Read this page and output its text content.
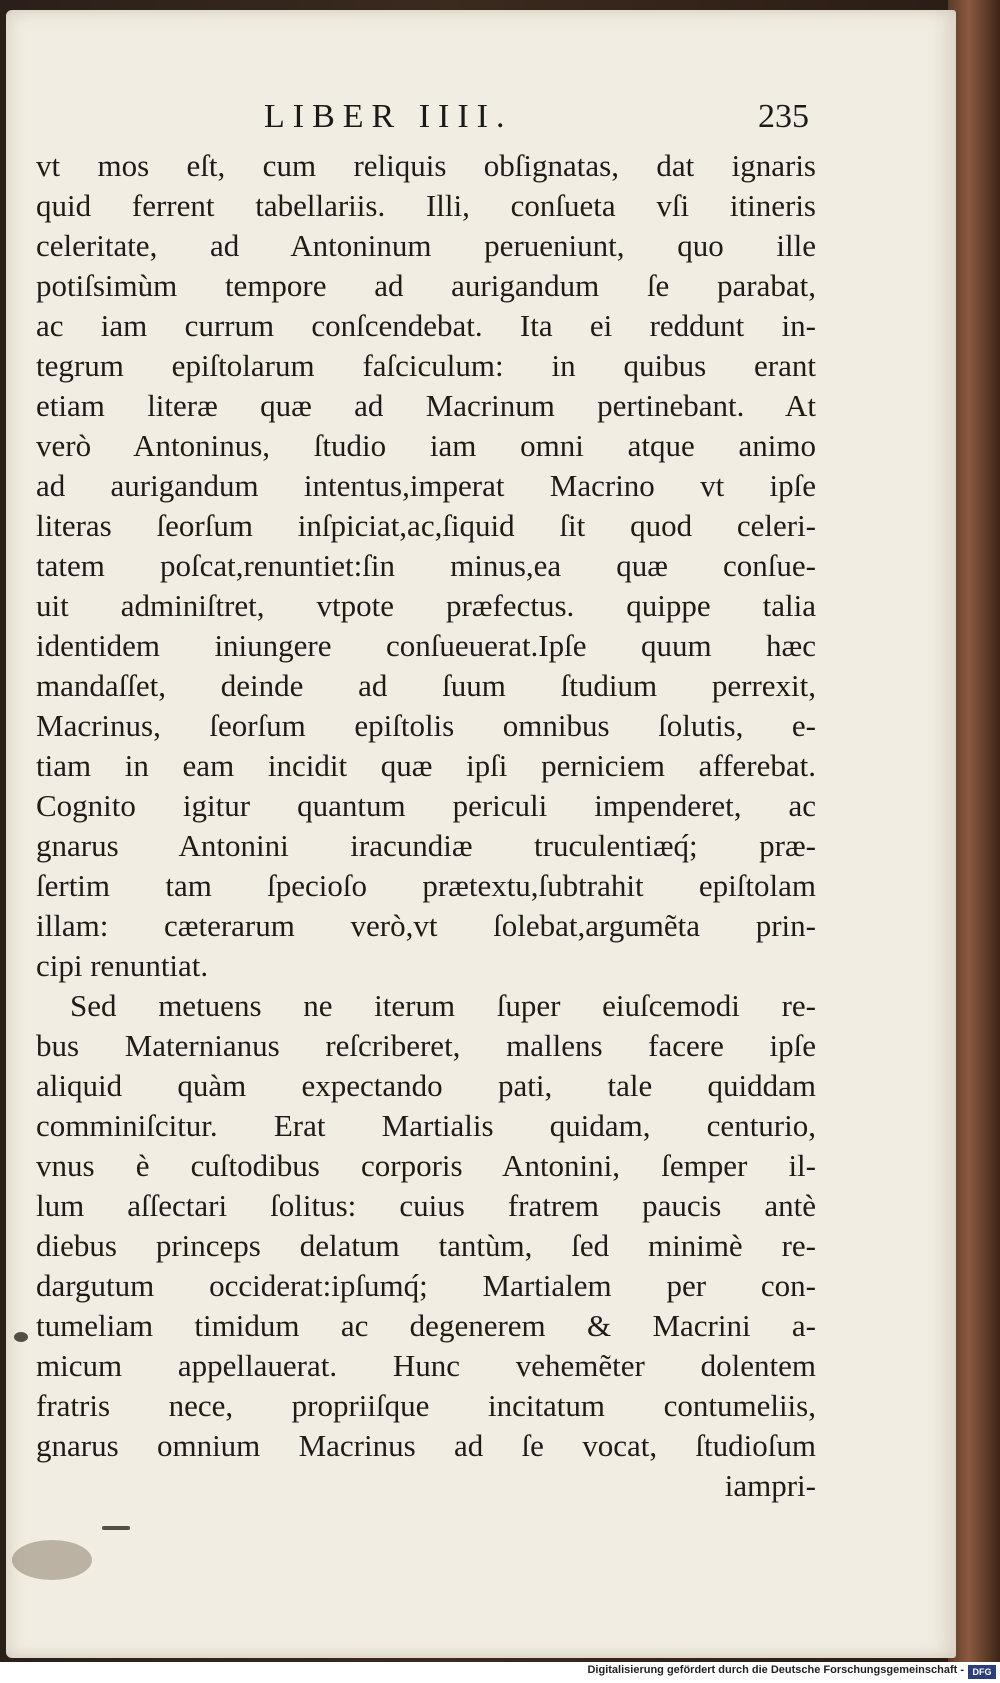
LIBER IIII.	235
vt mos eſt, cum reliquis obſignatas, dat ignaris
quid ferrent tabellariis. Illi, conſueta vſi itineris
celeritate, ad Antoninum perueniunt, quo ille
potiſsimùm tempore ad aurigandum ſe parabat,
ac iam currum conſcendebat. Ita ei reddunt in-
tegrum epiſtolarum faſciculum: in quibus erant
etiam literæ quæ ad Macrinum pertinebant. At
verò Antoninus, ſtudio iam omni atque animo
ad aurigandum intentus,imperat Macrino vt ipſe
literas ſeorſum inſpiciat,ac,ſiquid ſit quod celeri-
tatem poſcat,renuntiet:ſin minus,ea quæ conſue-
uit adminiſtret, vtpote præfectus. quippe talia
identidem iniungere conſueuerat.Ipſe quum hæc
mandaſſet, deinde ad ſuum ſtudium perrexit,
Macrinus, ſeorſum epiſtolis omnibus ſolutis, e-
tiam in eam incidit quæ ipſi perniciem afferebat.
Cognito igitur quantum periculi impenderet, ac
gnarus Antonini iracundiæ truculentiæq́; præ-
ſertim tam ſpecioſo prætextu,ſubtrahit epiſtolam
illam: cæterarum verò,vt ſolebat,argumẽta prin-
cipi renuntiat.
Sed metuens ne iterum ſuper eiuſcemodi re-
bus Maternianus reſcriberet, mallens facere ipſe
aliquid quàm expectando pati, tale quiddam
comminiſcitur. Erat Martialis quidam, centurio,
vnus è cuſtodibus corporis Antonini, ſemper il-
lum aſſectari ſolitus: cuius fratrem paucis antè
diebus princeps delatum tantùm, ſed minimè re-
dargutum occiderat:ipſumq́; Martialem per con-
tumeliam timidum ac degenerem & Macrini a-
micum appellauerat. Hunc vehemẽter dolentem
fratris nece, propriiſque incitatum contumeliis,
gnarus omnium Macrinus ad ſe vocat, ſtudioſum
iampri-
Digitalisierung gefördert durch die Deutsche Forschungsgemeinschaft - DFG
